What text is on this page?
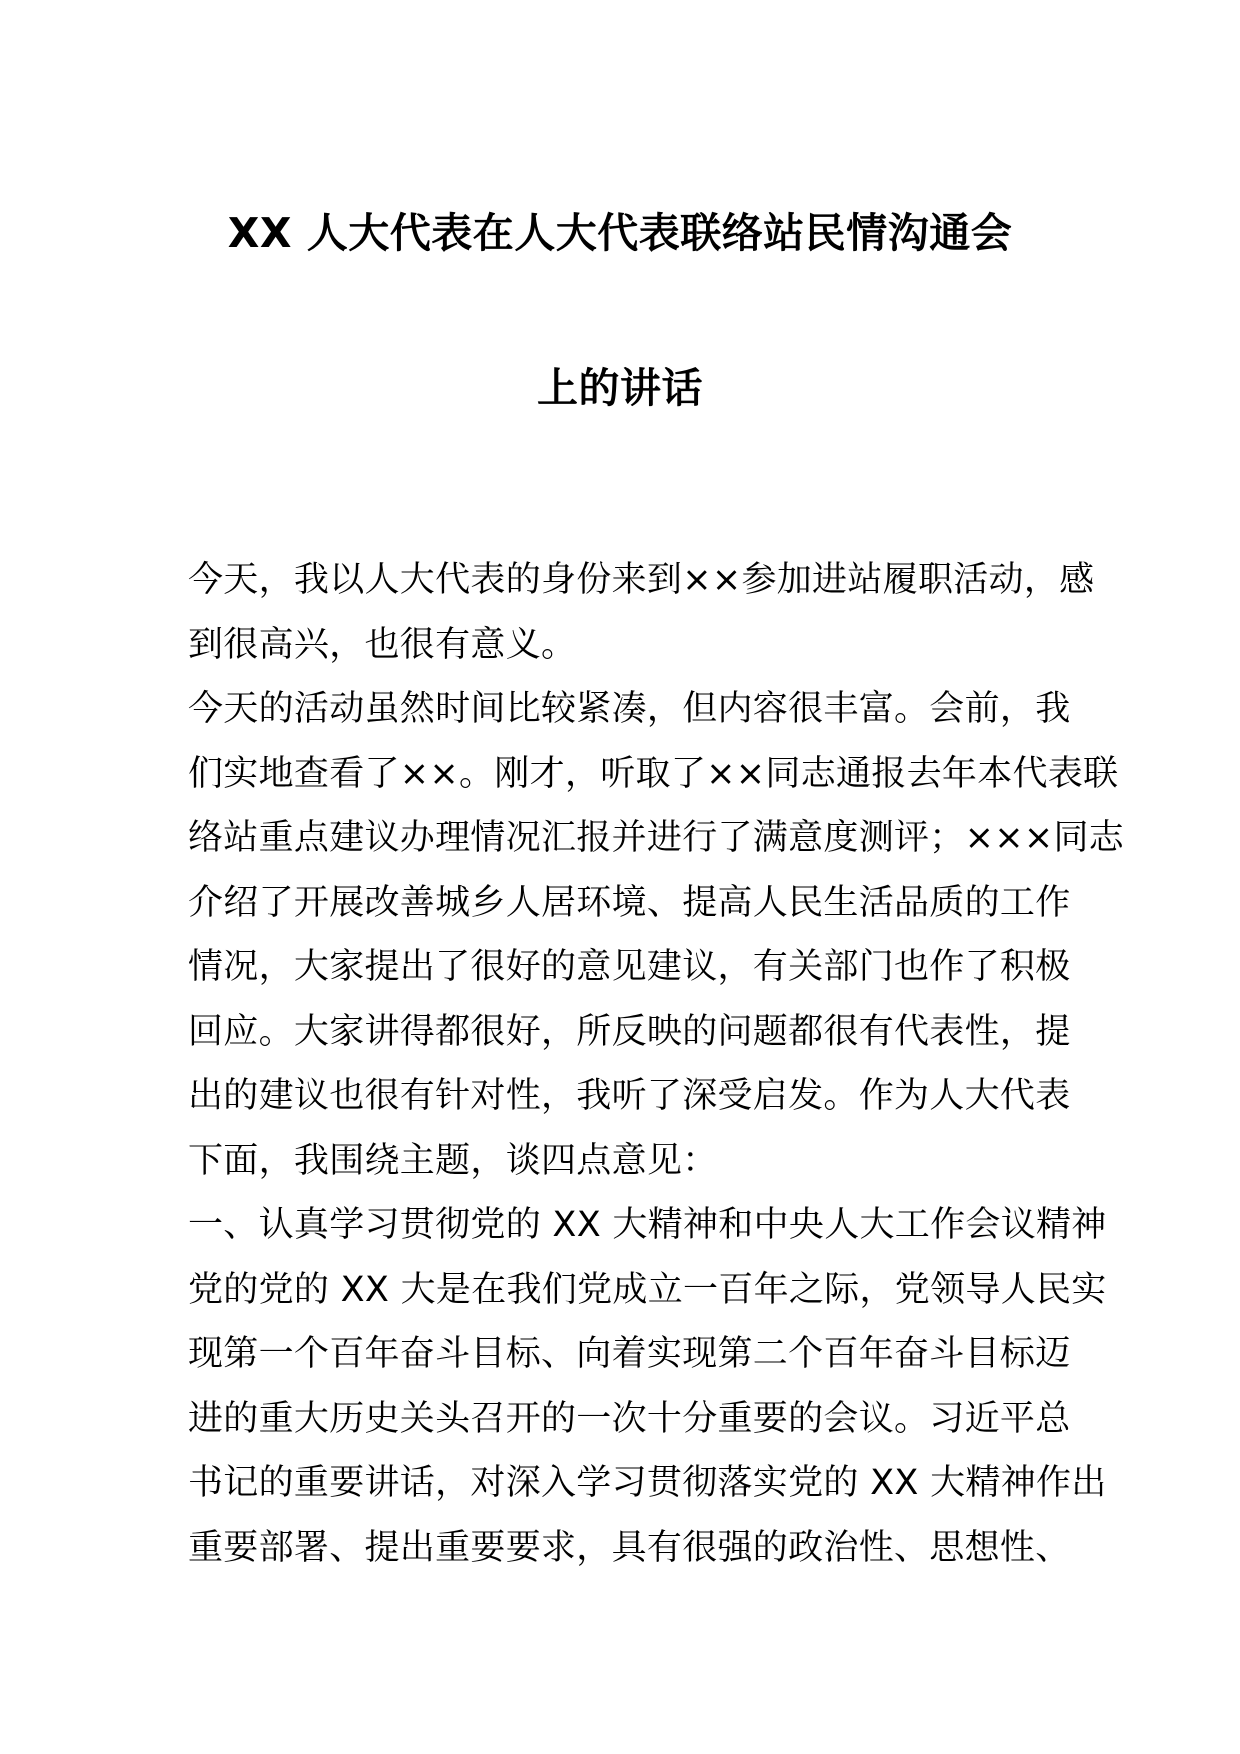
XX 人大代表在人大代表联络站民情沟通会
上的讲话
今天，我以人大代表的身份来到××参加进站履职活动，感
到很高兴，也很有意义。
今天的活动虽然时间比较紧凑，但内容很丰富。会前，我
们实地查看了××。刚才，听取了××同志通报去年本代表联
络站重点建议办理情况汇报并进行了满意度测评；×××同志
介绍了开展改善城乡人居环境、提高人民生活品质的工作
情况，大家提出了很好的意见建议，有关部门也作了积极
回应。大家讲得都很好，所反映的问题都很有代表性，提
出的建议也很有针对性，我听了深受启发。作为人大代表
下面，我围绕主题，谈四点意见：
一、认真学习贯彻党的 XX 大精神和中央人大工作会议精神
党的党的 XX 大是在我们党成立一百年之际，党领导人民实
现第一个百年奋斗目标、向着实现第二个百年奋斗目标迈
进的重大历史关头召开的一次十分重要的会议。习近平总
书记的重要讲话，对深入学习贯彻落实党的 XX 大精神作出
重要部署、提出重要要求，具有很强的政治性、思想性、
